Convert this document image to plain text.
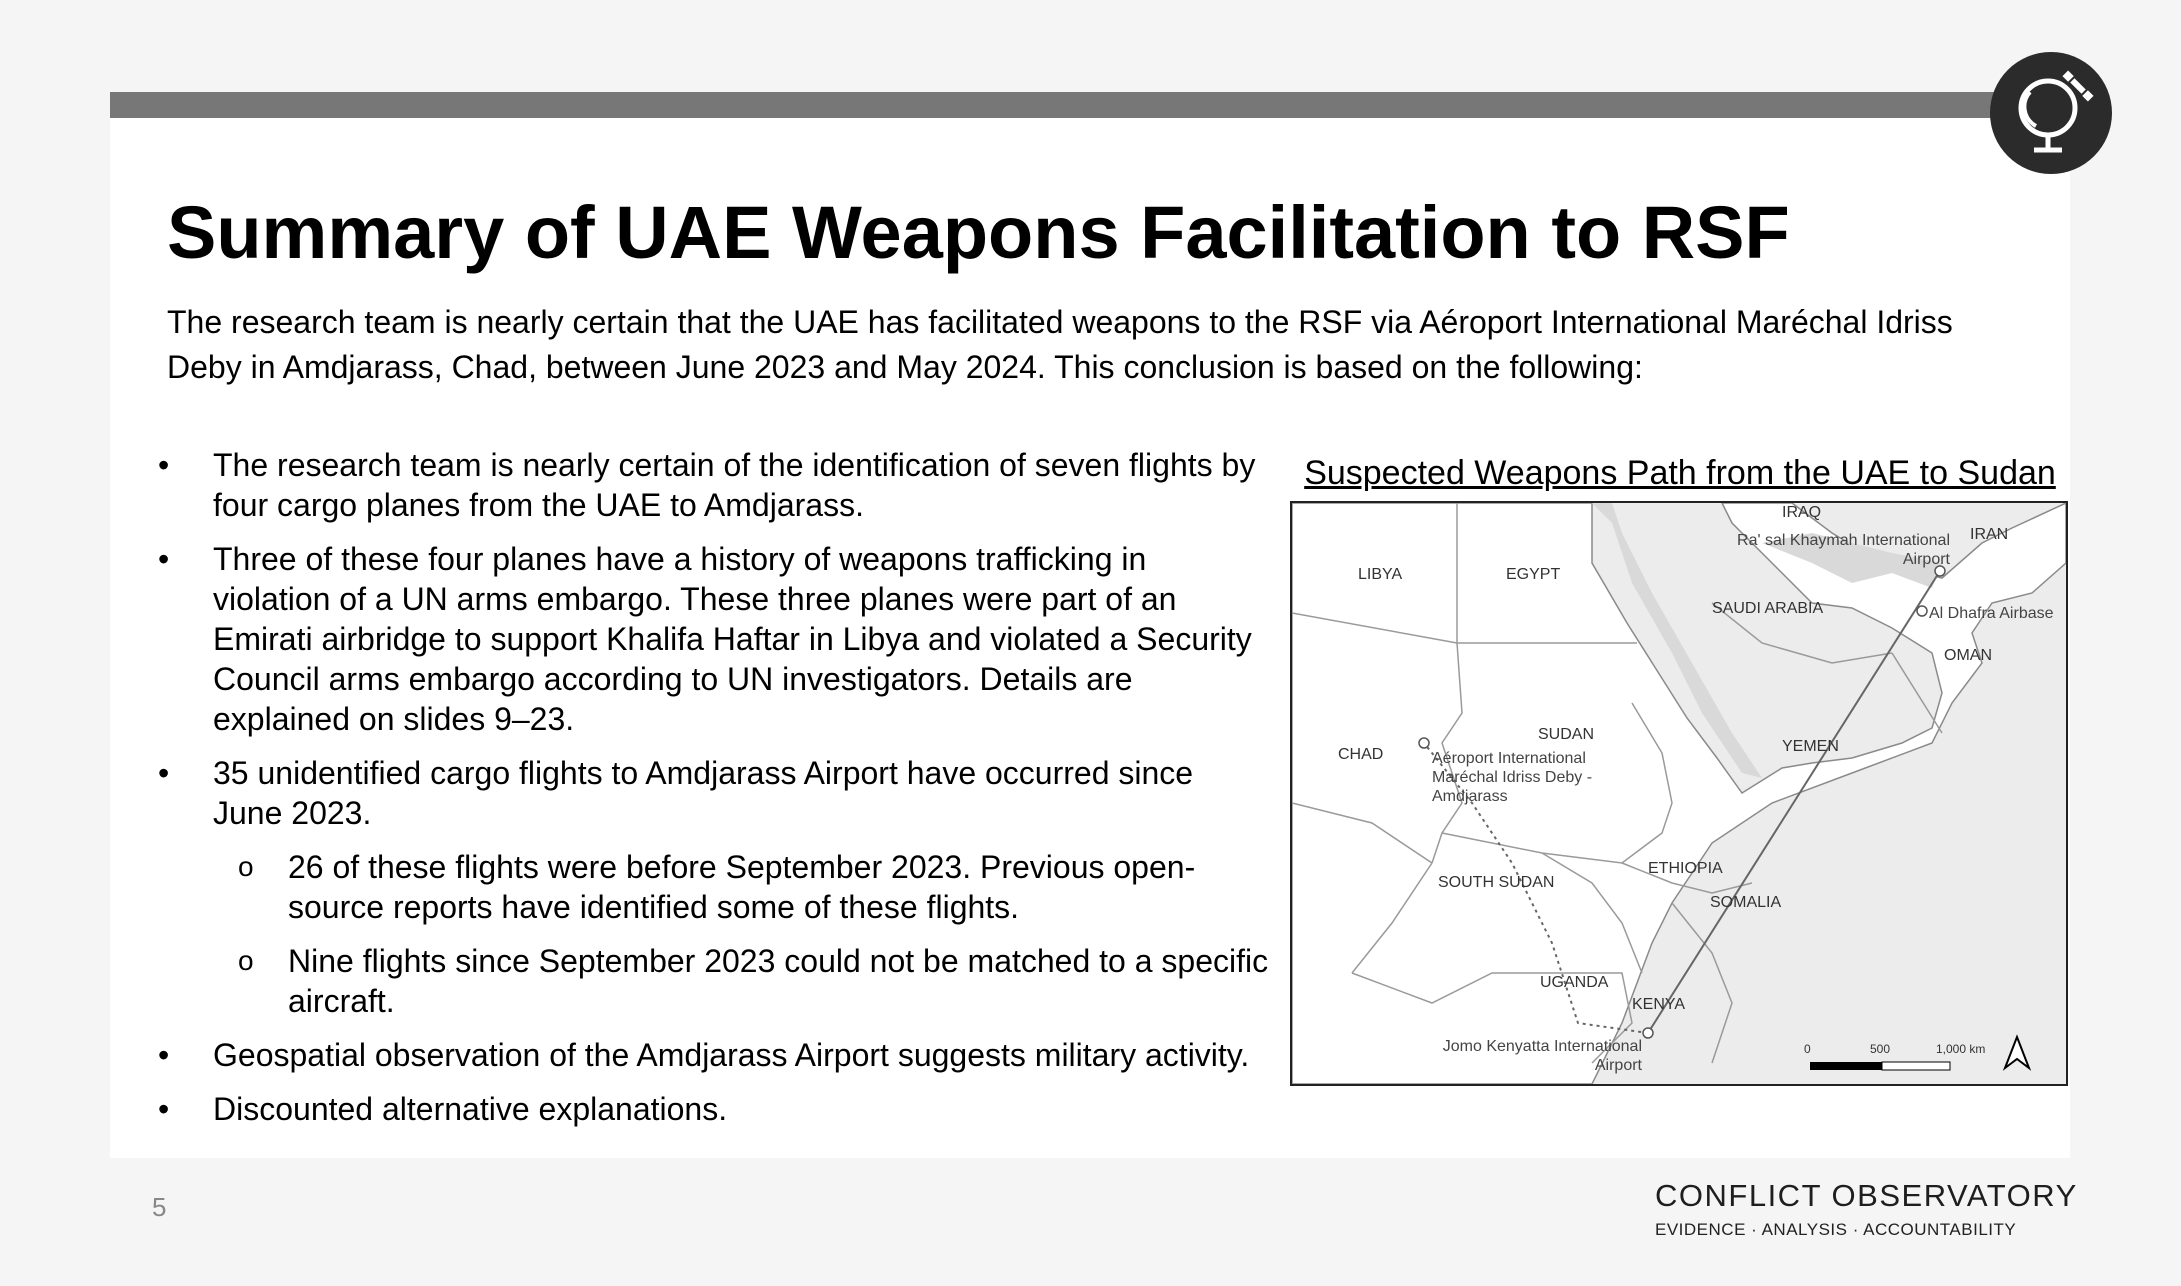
Summary of UAE Weapons Facilitation to RSF
The research team is nearly certain that the UAE has facilitated weapons to the RSF via Aéroport International Maréchal Idriss Deby in Amdjarass, Chad, between June 2023 and May 2024. This conclusion is based on the following:
• The research team is nearly certain of the identification of seven flights by four cargo planes from the UAE to Amdjarass.
• Three of these four planes have a history of weapons trafficking in violation of a UN arms embargo. These three planes were part of an Emirati airbridge to support Khalifa Haftar in Libya and violated a Security Council arms embargo according to UN investigators. Details are explained on slides 9–23.
• 35 unidentified cargo flights to Amdjarass Airport have occurred since June 2023.
o 26 of these flights were before September 2023. Previous open-source reports have identified some of these flights.
o Nine flights since September 2023 could not be matched to a specific aircraft.
• Geospatial observation of the Amdjarass Airport suggests military activity.
• Discounted alternative explanations.
Suspected Weapons Path from the UAE to Sudan
LIBYA	EGYPT
IRAQ
IRAN
SAUDI ARABIA
OMAN
CHAD
SUDAN
YEMEN
ETHIOPIA
SOUTH SUDAN
SOMALIA
UGANDA
KENYA
Ra' sal Khaymah International Airport
Al Dhafra Airbase
Aéroport International Maréchal Idriss Deby - Amdjarass
Jomo Kenyatta International Airport
0	500	1,000 km
5	CONFLICT OBSERVATORY
EVIDENCE · ANALYSIS · ACCOUNTABILITY
